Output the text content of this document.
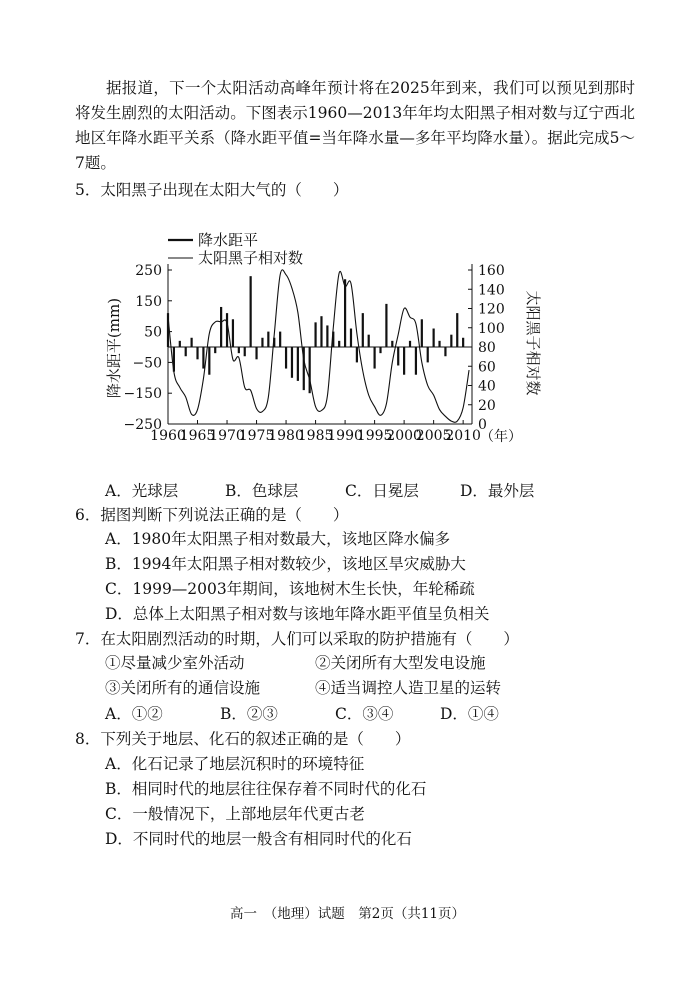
据报道，下一个太阳活动高峰年预计将在2025年到来，我们可以预见到那时将发生剧烈的太阳活动。下图表示1960—2013年年均太阳黑子相对数与辽宁西北地区年降水距平关系（降水距平值=当年降水量—多年平均降水量）。据此完成5～7题。

5．太阳黑子出现在太阳大气的（　　）
降水距平
太阳黑子相对数
250
150
50
−50
−150
−250
160
140
120
100
80
60
40
20
0
1960
1965
1970
1975
1980
1985
1990
1995
2000
2005
2010
降水距平(mm)	太阳黑子相对数
（年）
A．光球层	B．色球层	C．日冕层	D．最外层
6．据图判断下列说法正确的是（　　）
A．1980年太阳黑子相对数最大，该地区降水偏多
B．1994年太阳黑子相对数较少，该地区旱灾威胁大
C．1999—2003年期间，该地树木生长快，年轮稀疏
D．总体上太阳黑子相对数与该地年降水距平值呈负相关
7．在太阳剧烈活动的时期，人们可以采取的防护措施有（　　）
①尽量减少室外活动	②关闭所有大型发电设施
③关闭所有的通信设施	④适当调控人造卫星的运转
A．①②	B．②③	C．③④	D．①④
8．下列关于地层、化石的叙述正确的是（　　）
A．化石记录了地层沉积时的环境特征
B．相同时代的地层往往保存着不同时代的化石
C．一般情况下，上部地层年代更古老
D．不同时代的地层一般含有相同时代的化石
高一　（地理）试题　第2页（共11页）
